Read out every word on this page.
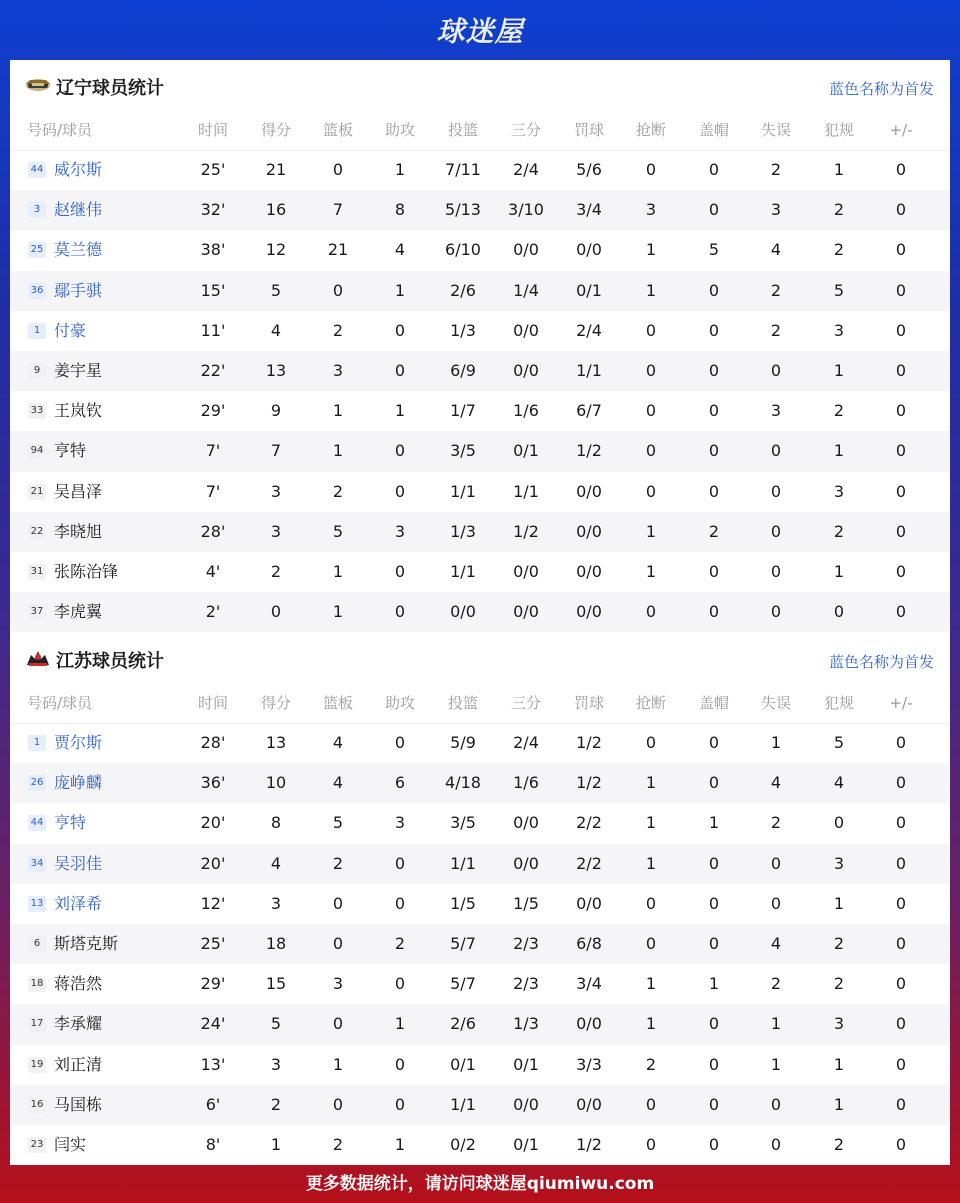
球迷屋
辽宁球员统计	蓝色名称为首发
号码/球员	时间	得分	篮板	助攻	投篮	三分	罚球	抢断	盖帽	失误	犯规	+/-
44 威尔斯	25'	21	0	1	7/11	2/4	5/6	0	0	2	1	0
3 赵继伟	32'	16	7	8	5/13	3/10	3/4	3	0	3	2	0
25 莫兰德	38'	12	21	4	6/10	0/0	0/0	1	5	4	2	0
36 鄢手骐	15'	5	0	1	2/6	1/4	0/1	1	0	2	5	0
1 付豪	11'	4	2	0	1/3	0/0	2/4	0	0	2	3	0
9 姜宇星	22'	13	3	0	6/9	0/0	1/1	0	0	0	1	0
33 王岚钦	29'	9	1	1	1/7	1/6	6/7	0	0	3	2	0
94 亨特	7'	7	1	0	3/5	0/1	1/2	0	0	0	1	0
21 吴昌泽	7'	3	2	0	1/1	1/1	0/0	0	0	0	3	0
22 李晓旭	28'	3	5	3	1/3	1/2	0/0	1	2	0	2	0
31 张陈治锋	4'	2	1	0	1/1	0/0	0/0	1	0	0	1	0
37 李虎翼	2'	0	1	0	0/0	0/0	0/0	0	0	0	0	0
江苏球员统计	蓝色名称为首发
号码/球员	时间	得分	篮板	助攻	投篮	三分	罚球	抢断	盖帽	失误	犯规	+/-
1 贾尔斯	28'	13	4	0	5/9	2/4	1/2	0	0	1	5	0
26 庞峥麟	36'	10	4	6	4/18	1/6	1/2	1	0	4	4	0
44 亨特	20'	8	5	3	3/5	0/0	2/2	1	1	2	0	0
34 吴羽佳	20'	4	2	0	1/1	0/0	2/2	1	0	0	3	0
13 刘泽希	12'	3	0	0	1/5	1/5	0/0	0	0	0	1	0
6 斯塔克斯	25'	18	0	2	5/7	2/3	6/8	0	0	4	2	0
18 蒋浩然	29'	15	3	0	5/7	2/3	3/4	1	1	2	2	0
17 李承耀	24'	5	0	1	2/6	1/3	0/0	1	0	1	3	0
19 刘正清	13'	3	1	0	0/1	0/1	3/3	2	0	1	1	0
16 马国栋	6'	2	0	0	1/1	0/0	0/0	0	0	0	1	0
23 闫实	8'	1	2	1	0/2	0/1	1/2	0	0	0	2	0
更多数据统计，请访问球迷屋qiumiwu.com
